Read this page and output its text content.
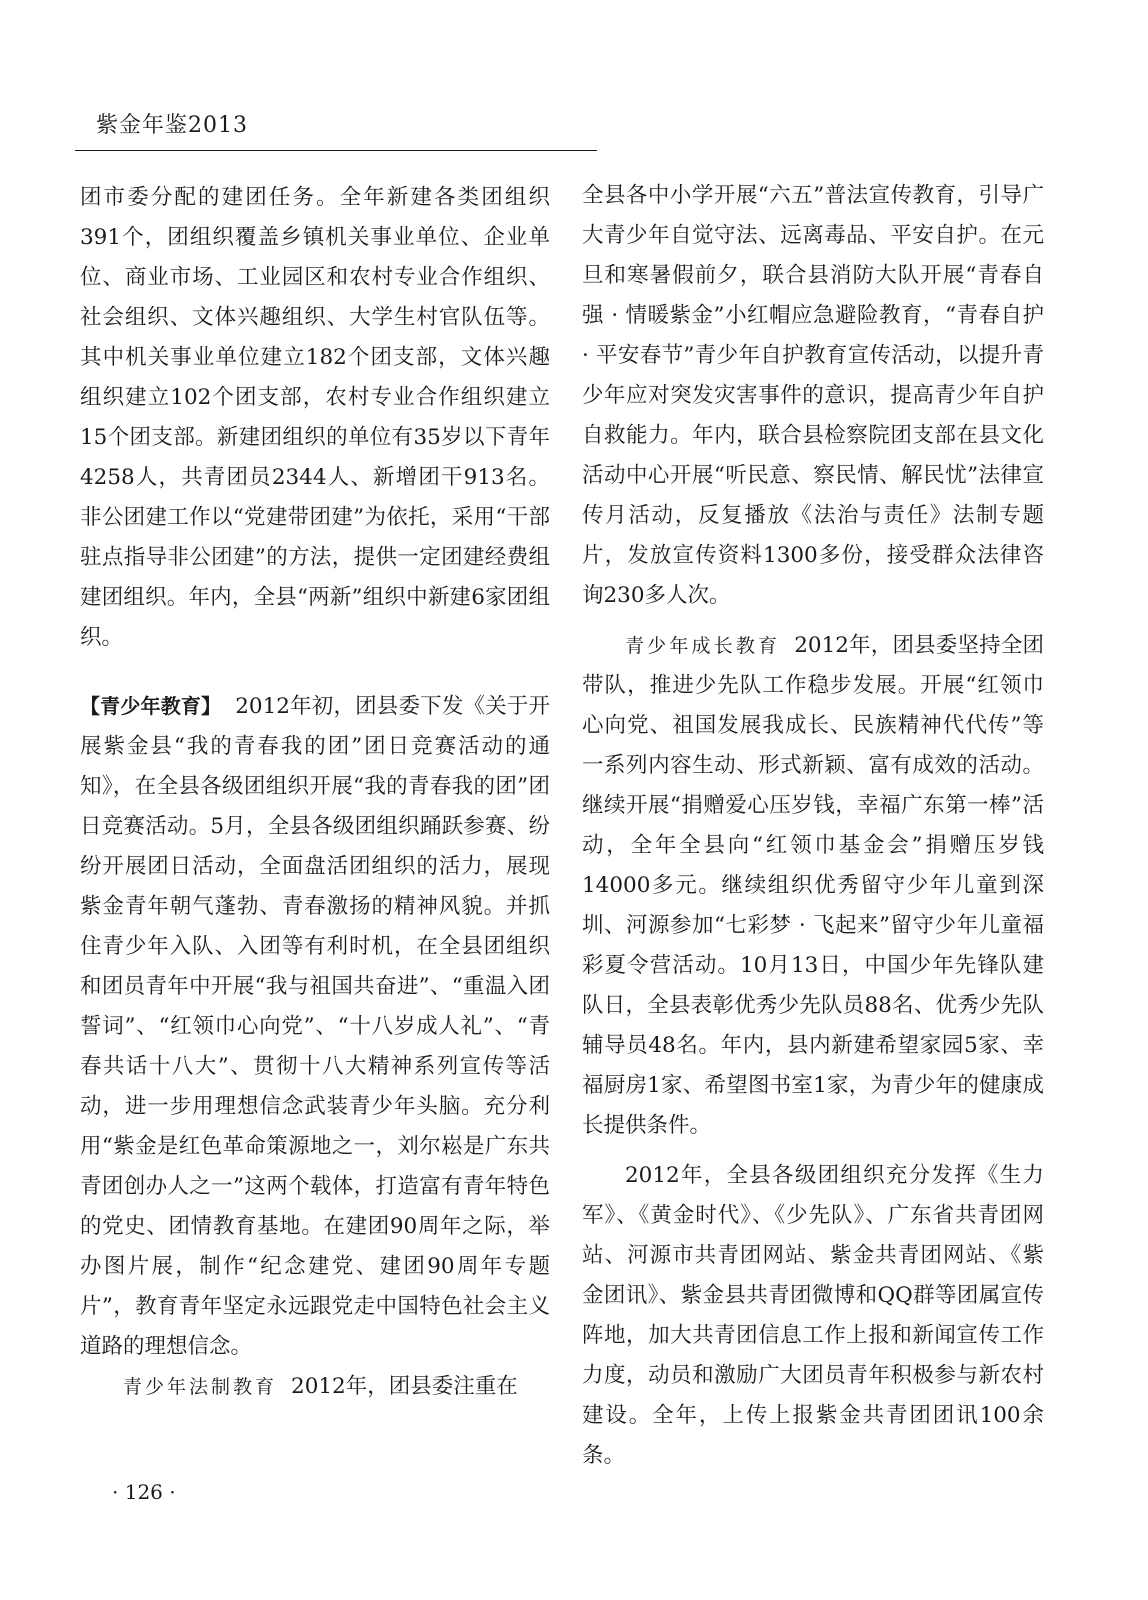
紫金年鉴2013

团市委分配的建团任务。全年新建各类团组织391个，团组织覆盖乡镇机关事业单位、企业单位、商业市场、工业园区和农村专业合作组织、社会组织、文体兴趣组织、大学生村官队伍等。其中机关事业单位建立182个团支部，文体兴趣组织建立102个团支部，农村专业合作组织建立15个团支部。新建团组织的单位有35岁以下青年4258人，共青团员2344人、新增团干913名。非公团建工作以“党建带团建”为依托，采用“干部驻点指导非公团建”的方法，提供一定团建经费组建团组织。年内，全县“两新”组织中新建6家团组织。

【青少年教育】 2012年初，团县委下发《关于开展紫金县“我的青春我的团”团日竞赛活动的通知》，在全县各级团组织开展“我的青春我的团”团日竞赛活动。5月，全县各级团组织踊跃参赛、纷纷开展团日活动，全面盘活团组织的活力，展现紫金青年朝气蓬勃、青春激扬的精神风貌。并抓住青少年入队、入团等有利时机，在全县团组织和团员青年中开展“我与祖国共奋进”、“重温入团誓词”、“红领巾心向党”、“十八岁成人礼”、“青春共话十八大”、贯彻十八大精神系列宣传等活动，进一步用理想信念武装青少年头脑。充分利用“紫金是红色革命策源地之一，刘尔崧是广东共青团创办人之一”这两个载体，打造富有青年特色的党史、团情教育基地。在建团90周年之际，举办图片展，制作“纪念建党、建团90周年专题片”，教育青年坚定永远跟党走中国特色社会主义道路的理想信念。

青少年法制教育 2012年，团县委注重在

全县各中小学开展“六五”普法宣传教育，引导广大青少年自觉守法、远离毒品、平安自护。在元旦和寒暑假前夕，联合县消防大队开展“青春自强 · 情暖紫金”小红帽应急避险教育，“青春自护 · 平安春节”青少年自护教育宣传活动，以提升青少年应对突发灾害事件的意识，提高青少年自护自救能力。年内，联合县检察院团支部在县文化活动中心开展“听民意、察民情、解民忧”法律宣传月活动，反复播放《法治与责任》法制专题片，发放宣传资料1300多份，接受群众法律咨询230多人次。

青少年成长教育 2012年，团县委坚持全团带队，推进少先队工作稳步发展。开展“红领巾心向党、祖国发展我成长、民族精神代代传”等一系列内容生动、形式新颖、富有成效的活动。继续开展“捐赠爱心压岁钱，幸福广东第一棒”活动，全年全县向“红领巾基金会”捐赠压岁钱14000多元。继续组织优秀留守少年儿童到深圳、河源参加“七彩梦 · 飞起来”留守少年儿童福彩夏令营活动。10月13日，中国少年先锋队建队日，全县表彰优秀少先队员88名、优秀少先队辅导员48名。年内，县内新建希望家园5家、幸福厨房1家、希望图书室1家，为青少年的健康成长提供条件。

2012年，全县各级团组织充分发挥《生力军》、《黄金时代》、《少先队》、广东省共青团网站、河源市共青团网站、紫金共青团网站、《紫金团讯》、紫金县共青团微博和QQ群等团属宣传阵地，加大共青团信息工作上报和新闻宣传工作力度，动员和激励广大团员青年积极参与新农村建设。全年，上传上报紫金共青团团讯100余条。

· 126 ·
